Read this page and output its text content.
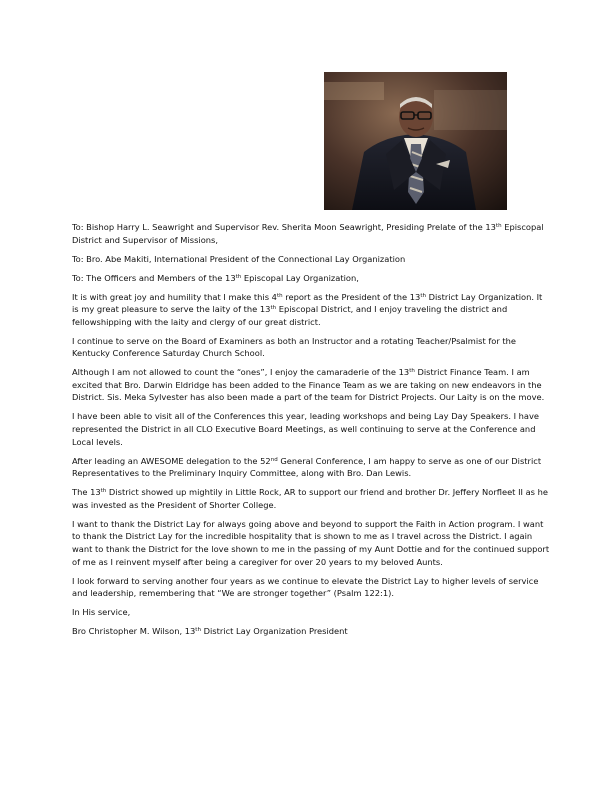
To: Bishop Harry L. Seawright and Supervisor Rev. Sherita Moon Seawright, Presiding Prelate of the 13th Episcopal District and Supervisor of Missions,

To: Bro. Abe Makiti, International President of the Connectional Lay Organization

To: The Officers and Members of the 13th Episcopal Lay Organization,

It is with great joy and humility that I make this 4th report as the President of the 13th District Lay Organization. It is my great pleasure to serve the laity of the 13th Episcopal District, and I enjoy traveling the district and fellowshipping with the laity and clergy of our great district.

I continue to serve on the Board of Examiners as both an Instructor and a rotating Teacher/Psalmist for the Kentucky Conference Saturday Church School.

Although I am not allowed to count the “ones”, I enjoy the camaraderie of the 13th District Finance Team. I am excited that Bro. Darwin Eldridge has been added to the Finance Team as we are taking on new endeavors in the District. Sis. Meka Sylvester has also been made a part of the team for District Projects. Our Laity is on the move.

I have been able to visit all of the Conferences this year, leading workshops and being Lay Day Speakers. I have represented the District in all CLO Executive Board Meetings, as well continuing to serve at the Conference and Local levels.

After leading an AWESOME delegation to the 52nd General Conference, I am happy to serve as one of our District Representatives to the Preliminary Inquiry Committee, along with Bro. Dan Lewis.

The 13th District showed up mightily in Little Rock, AR to support our friend and brother Dr. Jeffery Norfleet II as he was invested as the President of Shorter College.

I want to thank the District Lay for always going above and beyond to support the Faith in Action program. I want to thank the District Lay for the incredible hospitality that is shown to me as I travel across the District. I again want to thank the District for the love shown to me in the passing of my Aunt Dottie and for the continued support of me as I reinvent myself after being a caregiver for over 20 years to my beloved Aunts.

I look forward to serving another four years as we continue to elevate the District Lay to higher levels of service and leadership, remembering that “We are stronger together” (Psalm 122:1).

In His service,

Bro Christopher M. Wilson, 13th District Lay Organization President
